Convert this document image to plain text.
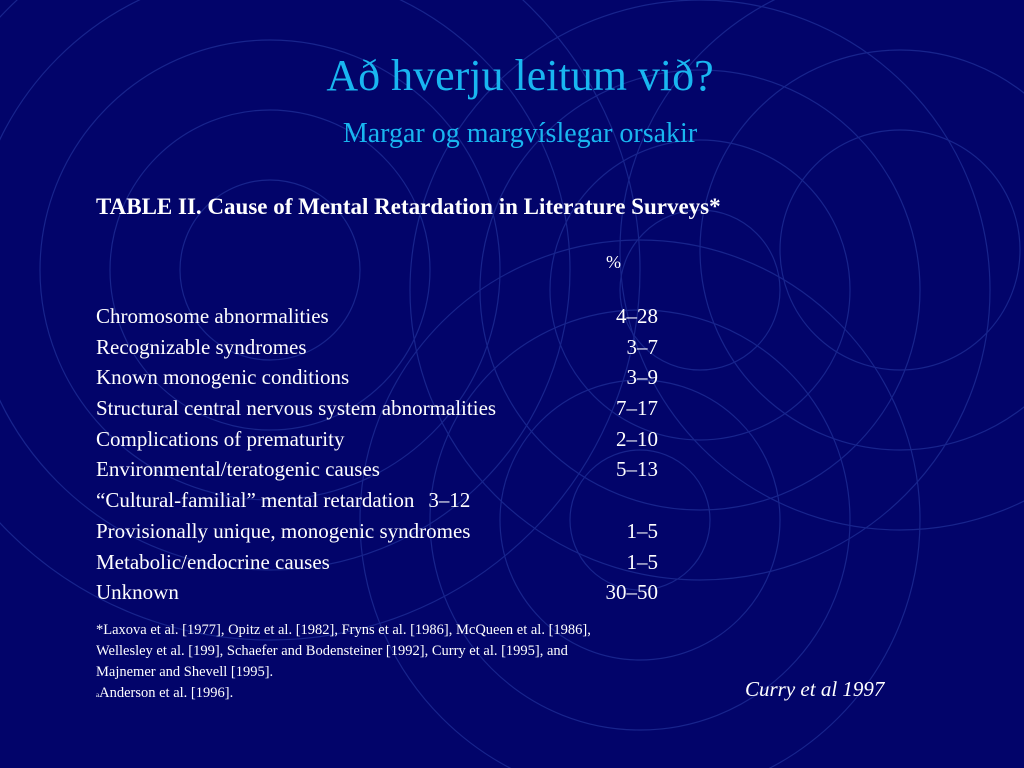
Að hverju leitum við?
Margar og margvíslegar orsakir
TABLE II. Cause of Mental Retardation in Literature Surveys*
%
Chromosome abnormalities	4–28
Recognizable syndromes	3–7
Known monogenic conditions	3–9
Structural central nervous system abnormalities	7–17
Complications of prematurity	2–10
Environmental/teratogenic causes	5–13
“Cultural-familial” mental retardation 3–12
Provisionally unique, monogenic syndromes	1–5
Metabolic/endocrine causes	1–5
Unknown	30–50
*Laxova et al. [1977], Opitz et al. [1982], Fryns et al. [1986], McQueen et al. [1986], Wellesley et al. [199], Schaefer and Bodensteiner [1992], Curry et al. [1995], and Majnemer and Shevell [1995].
aAnderson et al. [1996].	Curry et al 1997
